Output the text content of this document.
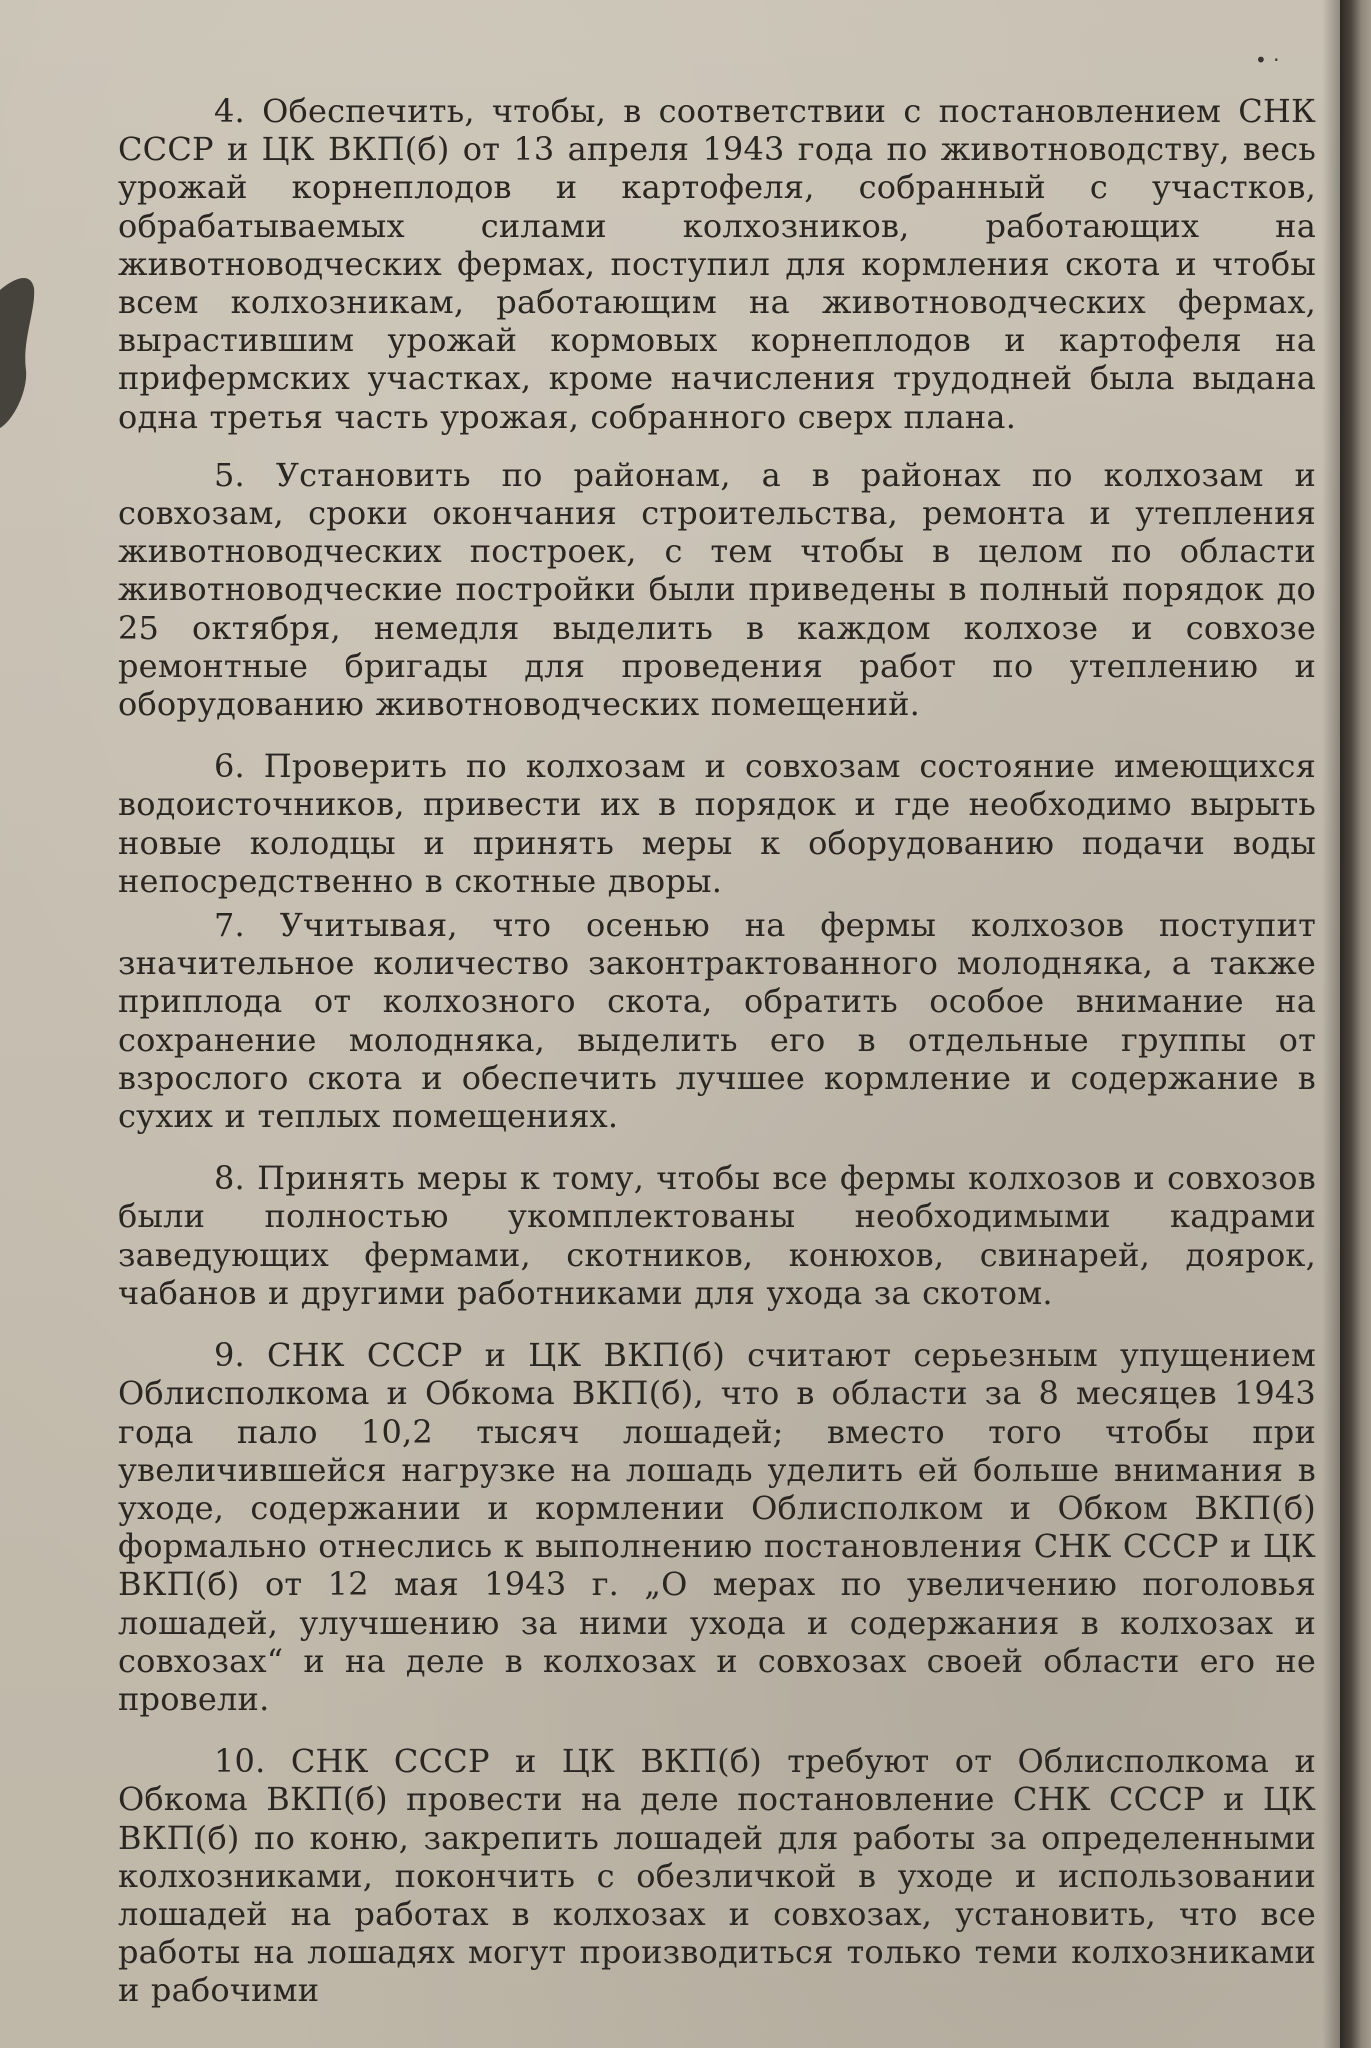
• ·

4. Обеспечить, чтобы, в соответствии с постановлением СНК СССР и ЦК ВКП(б) от 13 апреля 1943 года по животноводству, весь урожай корнеплодов и картофеля, собранный с участков, обрабатываемых силами колхозников, работающих на животноводческих фермах, поступил для кормления скота и чтобы всем колхозникам, работающим на животноводческих фермах, вырастившим урожай кормовых корнеплодов и картофеля на прифермских участках, кроме начисления трудодней была выдана одна третья часть урожая, собранного сверх плана.

5. Установить по районам, а в районах по колхозам и совхозам, сроки окончания строительства, ремонта и утепления животноводческих построек, с тем чтобы в целом по области животноводческие постройки были приведены в полный порядок до 25 октября, немедля выделить в каждом колхозе и совхозе ремонтные бригады для проведения работ по утеплению и оборудованию животноводческих помещений.

6. Проверить по колхозам и совхозам состояние имеющихся водоисточников, привести их в порядок и где необходимо вырыть новые колодцы и принять меры к оборудованию подачи воды непосредственно в скотные дворы.

7. Учитывая, что осенью на фермы колхозов поступит значительное количество законтрактованного молодняка, а также приплода от колхозного скота, обратить особое внимание на сохранение молодняка, выделить его в отдельные группы от взрослого скота и обеспечить лучшее кормление и содержание в сухих и теплых помещениях.

8. Принять меры к тому, чтобы все фермы колхозов и совхозов были полностью укомплектованы необходимыми кадрами заведующих фермами, скотников, конюхов, свинарей, доярок, чабанов и другими работниками для ухода за скотом.

9. СНК СССР и ЦК ВКП(б) считают серьезным упущением Облисполкома и Обкома ВКП(б), что в области за 8 месяцев 1943 года пало 10,2 тысяч лошадей; вместо того чтобы при увеличившейся нагрузке на лошадь уделить ей больше внимания в уходе, содержании и кормлении Облисполком и Обком ВКП(б) формально отнеслись к выполнению постановления СНК СССР и ЦК ВКП(б) от 12 мая 1943 г. „О мерах по увеличению поголовья лошадей, улучшению за ними ухода и содержания в колхозах и совхозах“ и на деле в колхозах и совхозах своей области его не провели.

10. СНК СССР и ЦК ВКП(б) требуют от Облисполкома и Обкома ВКП(б) провести на деле постановление СНК СССР и ЦК ВКП(б) по коню, закрепить лошадей для работы за определенными колхозниками, покончить с обезличкой в уходе и использовании лошадей на работах в колхозах и совхозах, установить, что все работы на лошадях могут производиться только теми колхозниками и рабочими
